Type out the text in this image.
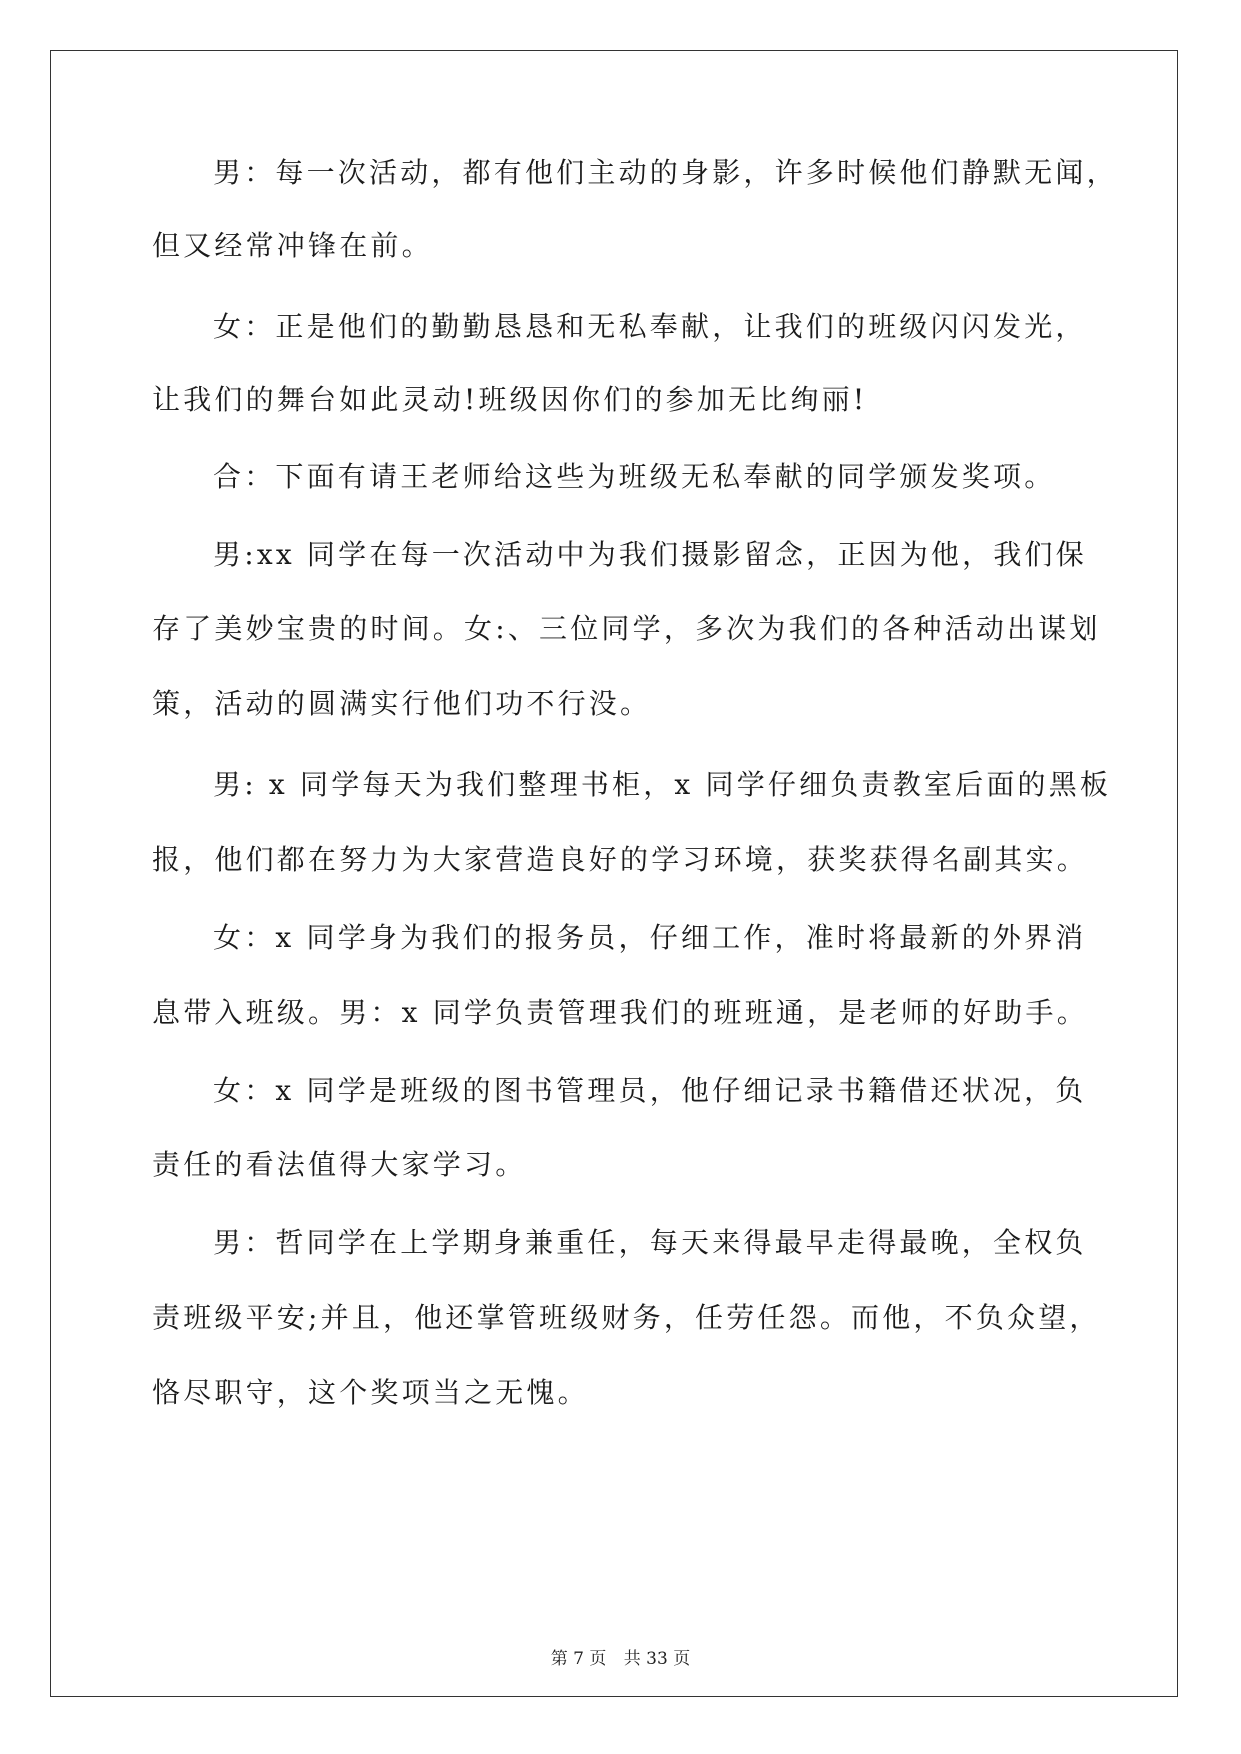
男：每一次活动，都有他们主动的身影，许多时候他们静默无闻，
但又经常冲锋在前。
女：正是他们的勤勤恳恳和无私奉献，让我们的班级闪闪发光，
让我们的舞台如此灵动!班级因你们的参加无比绚丽!
合：下面有请王老师给这些为班级无私奉献的同学颁发奖项。
男:xx 同学在每一次活动中为我们摄影留念，正因为他，我们保
存了美妙宝贵的时间。女:、三位同学，多次为我们的各种活动出谋划
策，活动的圆满实行他们功不行没。
男: x 同学每天为我们整理书柜，x 同学仔细负责教室后面的黑板
报，他们都在努力为大家营造良好的学习环境，获奖获得名副其实。
女：x 同学身为我们的报务员，仔细工作，准时将最新的外界消
息带入班级。男：x 同学负责管理我们的班班通，是老师的好助手。
女：x 同学是班级的图书管理员，他仔细记录书籍借还状况，负
责任的看法值得大家学习。
男：哲同学在上学期身兼重任，每天来得最早走得最晚，全权负
责班级平安;并且，他还掌管班级财务，任劳任怨。而他，不负众望，
恪尽职守，这个奖项当之无愧。
第 7 页 共 33 页
